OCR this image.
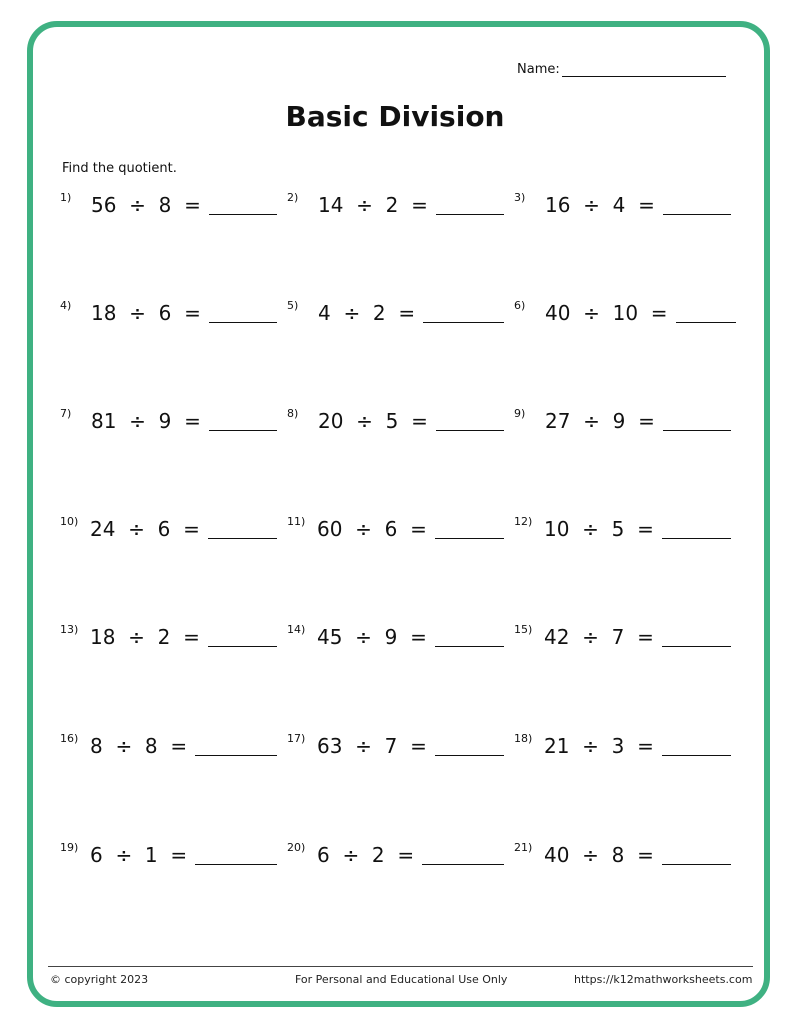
Name:
Basic Division
Find the quotient.
1) 56  ÷  8  =	2) 14  ÷  2  =	3) 16  ÷  4  =
4) 18  ÷  6  =	5) 4  ÷  2  =	6) 40  ÷  10  =
7) 81  ÷  9  =	8) 20  ÷  5  =	9) 27  ÷  9  =
10) 24  ÷  6  =	11) 60  ÷  6  =	12) 10  ÷  5  =
13) 18  ÷  2  =	14) 45  ÷  9  =	15) 42  ÷  7  =
16) 8  ÷  8  =	17) 63  ÷  7  =	18) 21  ÷  3  =
19) 6  ÷  1  =	20) 6  ÷  2  =	21) 40  ÷  8  =
© copyright 2023	For Personal and Educational Use Only	https://k12mathworksheets.com
